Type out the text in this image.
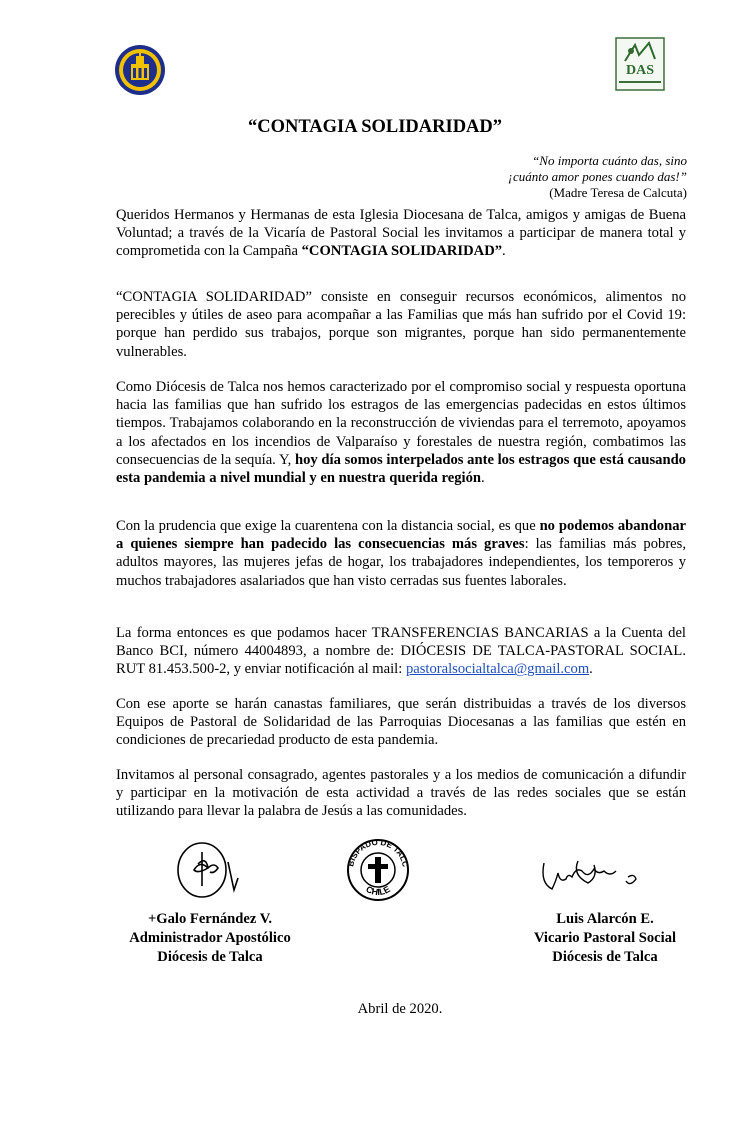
DAS
“CONTAGIA SOLIDARIDAD”
“No importa cuánto das, sino
¡cuánto amor pones cuando das!”
(Madre Teresa de Calcuta)

Queridos Hermanos y Hermanas de esta Iglesia Diocesana de Talca, amigos y amigas de Buena Voluntad; a través de la Vicaría de Pastoral Social les invitamos a participar de manera total y comprometida con la Campaña “CONTAGIA SOLIDARIDAD”.

“CONTAGIA SOLIDARIDAD” consiste en conseguir recursos económicos, alimentos no perecibles y útiles de aseo para acompañar a las Familias que más han sufrido por el Covid 19: porque han perdido sus trabajos, porque son migrantes, porque han sido permanentemente vulnerables.

Como Diócesis de Talca nos hemos caracterizado por el compromiso social y respuesta oportuna hacia las familias que han sufrido los estragos de las emergencias padecidas en estos últimos tiempos. Trabajamos colaborando en la reconstrucción de viviendas para el terremoto, apoyamos a los afectados en los incendios de Valparaíso y forestales de nuestra región, combatimos las consecuencias de la sequía. Y, hoy día somos interpelados ante los estragos que está causando esta pandemia a nivel mundial y en nuestra querida región.

Con la prudencia que exige la cuarentena con la distancia social, es que no podemos abandonar a quienes siempre han padecido las consecuencias más graves: las familias más pobres, adultos mayores, las mujeres jefas de hogar, los trabajadores independientes, los temporeros y muchos trabajadores asalariados que han visto cerradas sus fuentes laborales.

La forma entonces es que podamos hacer TRANSFERENCIAS BANCARIAS a la Cuenta del Banco BCI, número 44004893, a nombre de: DIÓCESIS DE TALCA-PASTORAL SOCIAL. RUT 81.453.500-2, y enviar notificación al mail: pastoralsocialtalca@gmail.com.

Con ese aporte se harán canastas familiares, que serán distribuidas a través de los diversos Equipos de Pastoral de Solidaridad de las Parroquias Diocesanas a las familias que estén en condiciones de precariedad producto de esta pandemia.

Invitamos al personal consagrado, agentes pastorales y a los medios de comunicación a difundir y participar en la motivación de esta actividad a través de las redes sociales que se están utilizando para llevar la palabra de Jesús a las comunidades.

BISPADO DE TALC
CHILE
+Galo Fernández V.
Administrador Apostólico
Diócesis de Talca
Luis Alarcón E.
Vicario Pastoral Social
Diócesis de Talca
Abril de 2020.
